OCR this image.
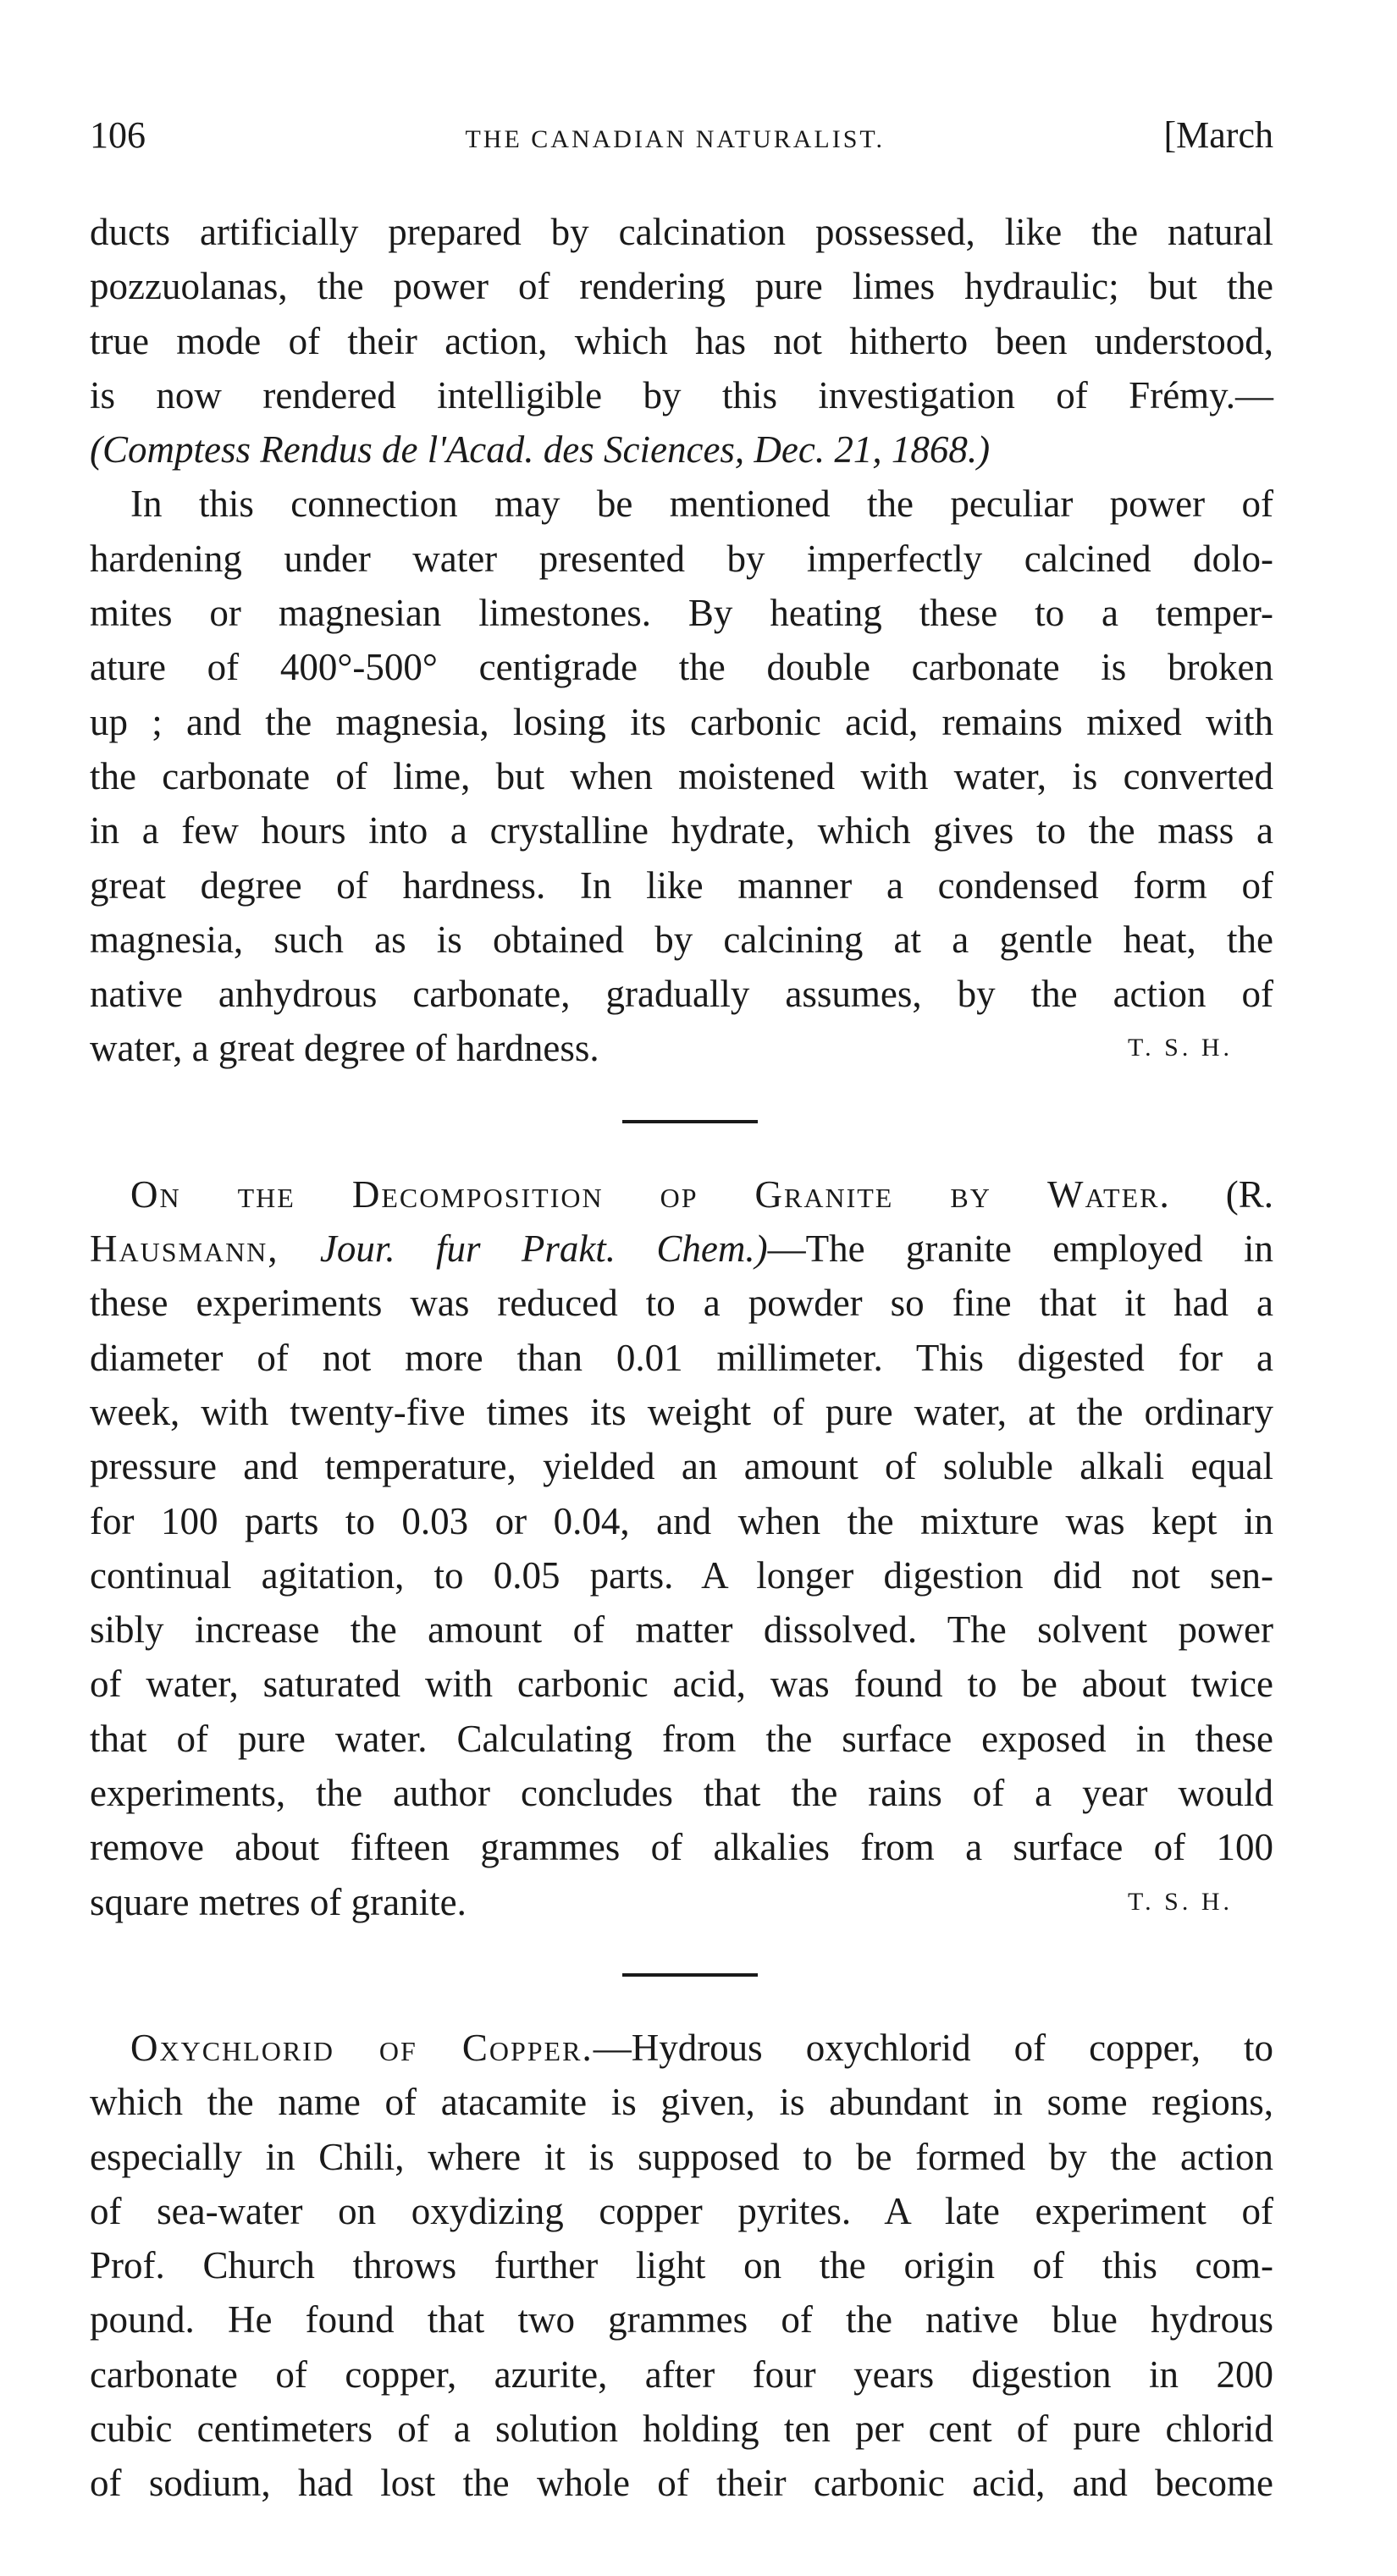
106	THE CANADIAN NATURALIST.	[March
ducts artificially prepared by calcination possessed, like the natural
pozzuolanas, the power of rendering pure limes hydraulic; but the
true mode of their action, which has not hitherto been understood,
is now rendered intelligible by this investigation of Frémy.—
(Comptess Rendus de l'Acad. des Sciences, Dec. 21, 1868.)
In this connection may be mentioned the peculiar power of
hardening under water presented by imperfectly calcined dolo-
mites or magnesian limestones. By heating these to a temper-
ature of 400°-500° centigrade the double carbonate is broken
up ; and the magnesia, losing its carbonic acid, remains mixed with
the carbonate of lime, but when moistened with water, is converted
in a few hours into a crystalline hydrate, which gives to the mass a
great degree of hardness. In like manner a condensed form of
magnesia, such as is obtained by calcining at a gentle heat, the
native anhydrous carbonate, gradually assumes, by the action of
water, a great degree of hardness.	T. S. H.
On the Decomposition op Granite by Water. (R.
Hausmann, Jour. fur Prakt. Chem.)—The granite employed in
these experiments was reduced to a powder so fine that it had a
diameter of not more than 0.01 millimeter. This digested for a
week, with twenty-five times its weight of pure water, at the ordinary
pressure and temperature, yielded an amount of soluble alkali equal
for 100 parts to 0.03 or 0.04, and when the mixture was kept in
continual agitation, to 0.05 parts. A longer digestion did not sen-
sibly increase the amount of matter dissolved. The solvent power
of water, saturated with carbonic acid, was found to be about twice
that of pure water. Calculating from the surface exposed in these
experiments, the author concludes that the rains of a year would
remove about fifteen grammes of alkalies from a surface of 100
square metres of granite.	T. S. H.
Oxychlorid of Copper.—Hydrous oxychlorid of copper, to
which the name of atacamite is given, is abundant in some regions,
especially in Chili, where it is supposed to be formed by the action
of sea-water on oxydizing copper pyrites. A late experiment of
Prof. Church throws further light on the origin of this com-
pound. He found that two grammes of the native blue hydrous
carbonate of copper, azurite, after four years digestion in 200
cubic centimeters of a solution holding ten per cent of pure chlorid
of sodium, had lost the whole of their carbonic acid, and become
